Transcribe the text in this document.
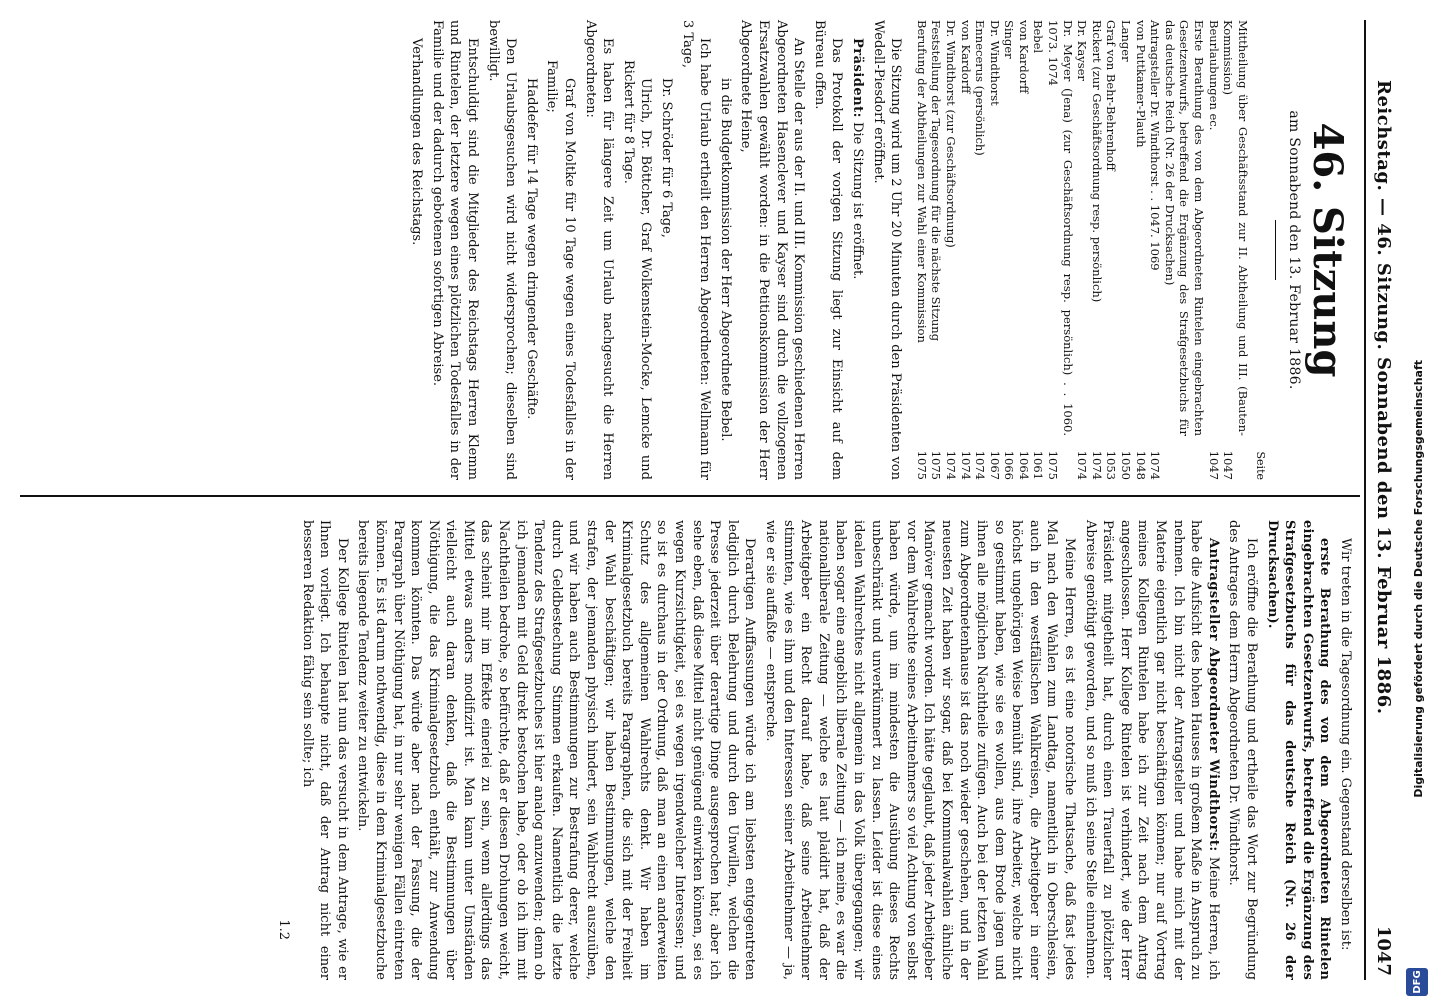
Reichstag. — 46. Sitzung. Sonnabend den 13. Februar 1886.
1047
46. Sitzung
am Sonnabend den 13. Februar 1886.
Seite
Mittheilung über Geschäftsstand zur II. Abtheilung und III. (Bauten-Kommission)
1047
Beurlaubungen ec.
1047
Erste Berathung des von dem Abgeordneten Rintelen eingebrachten Gesetzentwurfs, betreffend die Ergänzung des Strafgesetzbuchs für das deutsche Reich (Nr. 26 der Drucksachen)
Antragsteller Dr. Windthorst . . 1047. 1069
1074
von Puttkamer-Plauth
1048
Langer
1050
Graf von Behr-Behrenhoff
1053
Rickert (zur Geschäftsordnung resp. persönlich)
1074
Dr. Kayser
1074
Dr. Meyer (Jena) (zur Geschäftsordnung resp. persönlich) . . 1060. 1073. 1074
1075
Bebel
1061
von Kardorff
1064
Singer
1066
Dr. Windthorst
1067
Ennecerus (persönlich)
1074
von Kardorff
1074
Dr. Windthorst (zur Geschäftsordnung)
1074
Feststellung der Tagesordnung für die nächste Sitzung
1075
Berufung der Abtheilungen zur Wahl einer Kommission
1075

Die Sitzung wird um 2 Uhr 20 Minuten durch den Präsidenten von Wedell-Piesdorf eröffnet.

Präsident: Die Sitzung ist eröffnet.

Das Protokoll der vorigen Sitzung liegt zur Einsicht auf dem Büreau offen.

An Stelle der aus der II. und III. Kommission geschiedenen Herren Abgeordneten Hasenclever und Kayser sind durch die vollzogenen Ersatzwahlen gewählt worden: in die Petitionskommission der Herr Abgeordnete Heine,

in die Budgetkommission der Herr Abgeordnete Bebel.

Ich habe Urlaub ertheilt den Herren Abgeordneten: Wellmann für 3 Tage,

Dr. Schröder für 6 Tage,

Ulrich, Dr. Böttcher, Graf Wolkenstein-Mocke, Lemcke und Rickert für 8 Tage.

Es haben für längere Zeit um Urlaub nachgesucht die Herren Abgeordneten:

Graf von Moltke für 10 Tage wegen eines Todesfalles in der Familie;

Haddefer für 14 Tage wegen dringender Geschäfte.

Den Urlaubsgesuchen wird nicht widersprochen; dieselben sind bewilligt.

Entschuldigt sind die Mitglieder des Reichstags Herren Klemm und Rintelen, der letztere wegen eines plötzlichen Todesfalles in der Familie und der dadurch gebotenen sofortigen Abreise.

Verhandlungen des Reichstags.

Wir treten in die Tagesordnung ein. Gegenstand derselben ist:

erste Berathung des von dem Abgeordneten Rintelen eingebrachten Gesetzentwurfs, betreffend die Ergänzung des Strafgesetzbuchs für das deutsche Reich (Nr. 26 der Drucksachen).

Ich eröffne die Berathung und ertheile das Wort zur Begründung des Antrages dem Herrn Abgeordneten Dr. Windthorst.

Antragsteller Abgeordneter Windthorst: Meine Herren, ich habe die Aufsicht des hohen Hauses in großem Maße in Anspruch zu nehmen. Ich bin nicht der Antragsteller und habe mich mit der Materie eigentlich gar nicht beschäftigen können; nur auf Vortrag meines Kollegen Rintelen habe ich zur Zeit nach dem Antrag angeschlossen. Herr Kollege Rintelen ist verhindert, wie der Herr Präsident mitgetheilt hat, durch einen Trauerfall zu plötzlicher Abreise genöthigt geworden, und so muß ich seine Stelle einnehmen.

Meine Herren, es ist eine notorische Thatsache, daß fast jedes Mal nach den Wahlen zum Landtag, namentlich in Oberschlesien, auch in den westfälischen Wahlkreisen, die Arbeitgeber in einer höchst ungehörigen Weise bemüht sind, ihre Arbeiter, welche nicht so gestimmt haben, wie sie es wollen, aus dem Brode jagen und ihnen alle möglichen Nachtheile zufügen. Auch bei der letzten Wahl zum Abgeordnetenhause ist das noch wieder geschehen, und in der neuesten Zeit haben wir sogar, daß bei Kommunalwahlen ähnliche Manöver gemacht worden. Ich hätte geglaubt, daß jeder Arbeitgeber vor dem Wahlrechte seines Arbeitnehmers so viel Achtung von selbst haben würde, um im mindesten die Ausübung dieses Rechts unbeschränkt und unverkümmert zu lassen. Leider ist diese eines idealen Wahlrechtes nicht allgemein in das Volk übergegangen; wir haben sogar eine angeblich liberale Zeitung — ich meine, es war die nationalliberale Zeitung — welche es laut plaidirt hat, daß der Arbeitgeber ein Recht darauf habe, daß seine Arbeitnehmer stimmten, wie es ihm und den Interessen seiner Arbeitnehmer — ja, wie er sie auffaßte — entspreche.

Derartigen Auffassungen würde ich am liebsten entgegentreten lediglich durch Belehrung und durch den Unwillen, welchen die Presse jederzeit über derartige Dinge ausgesprochen hat; aber ich sehe eben, daß diese Mittel nicht genügend einwirken können, sei es wegen Kurzsichtigkeit, sei es wegen irgendwelcher Interessen; und so ist es durchaus in der Ordnung, daß man an einen anderweiten Schutz des allgemeinen Wahlrechts denkt. Wir haben im Kriminalgesetzbuch bereits Paragraphen, die sich mit der Freiheit der Wahl beschäftigen; wir haben Bestimmungen, welche den strafen, der jemanden physisch hindert, sein Wahlrecht auszuüben, und wir haben auch Bestimmungen zur Bestrafung derer, welche durch Geldbestechung Stimmen erkaufen. Namentlich die letzte Tendenz des Strafgesetzbuches ist hier analog anzuwenden; denn ob ich jemanden mit Geld direkt bestochen habe, oder ob ich ihm mit Nachtheilen bedrohe, so befürchte, daß er diesen Drohungen weicht, das scheint mir im Effekte einerlei zu sein, wenn allerdings das Mittel etwas anders modifizirt ist. Man kann unter Umständen vielleicht auch daran denken, daß die Bestimmungen über Nöthigung, die das Kriminalgesetzbuch enthält, zur Anwendung kommen könnten. Das würde aber nach der Fassung, die der Paragraph über Nöthigung hat, in nur sehr wenigen Fällen eintreten können. Es ist darum nothwendig, diese in dem Kriminalgesetzbuche bereits liegende Tendenz weiter zu entwickeln.

Der Kollege Rintelen hat nun das versucht in dem Antrage, wie er Ihnen vorliegt. Ich behaupte nicht, daß der Antrag nicht einer besseren Redaktion fähig sein sollte; ich

1.2
Digitalisierung gefördert durch die Deutsche Forschungsgemeinschaft
DFG
